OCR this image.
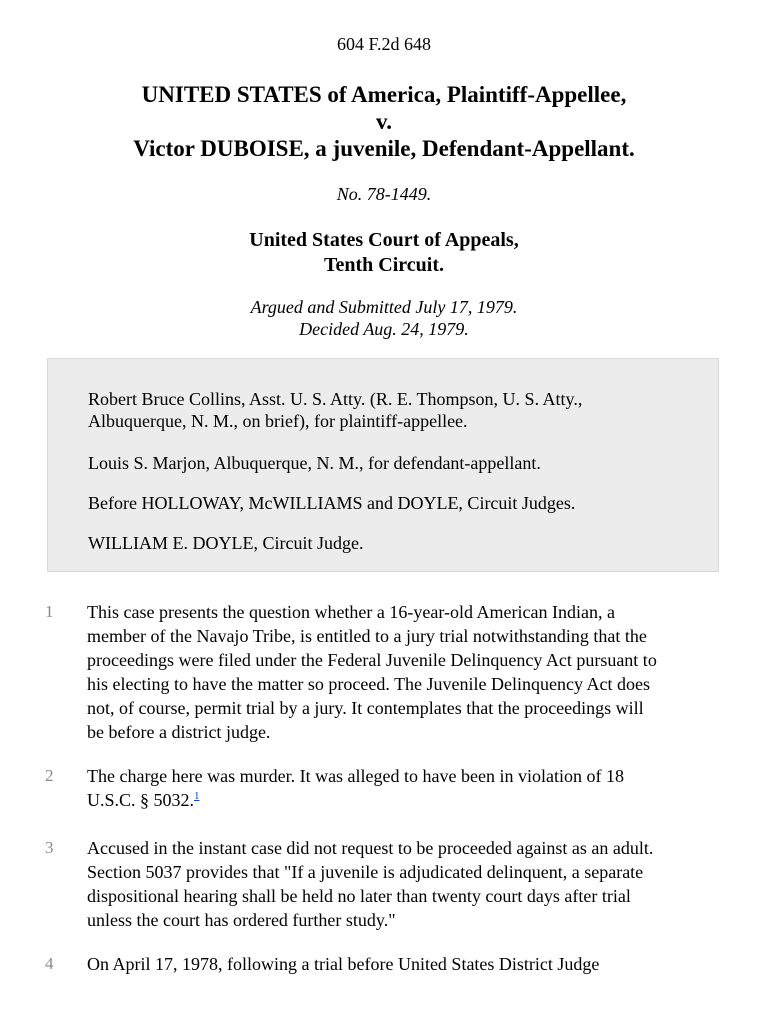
604 F.2d 648
UNITED STATES of America, Plaintiff-Appellee,
v.
Victor DUBOISE, a juvenile, Defendant-Appellant.
No. 78-1449.
United States Court of Appeals,
Tenth Circuit.
Argued and Submitted July 17, 1979.
Decided Aug. 24, 1979.

Robert Bruce Collins, Asst. U. S. Atty. (R. E. Thompson, U. S. Atty.,
Albuquerque, N. M., on brief), for plaintiff-appellee.

Louis S. Marjon, Albuquerque, N. M., for defendant-appellant.

Before HOLLOWAY, McWILLIAMS and DOYLE, Circuit Judges.

WILLIAM E. DOYLE, Circuit Judge.

1	This case presents the question whether a 16-year-old American Indian, a
member of the Navajo Tribe, is entitled to a jury trial notwithstanding that the
proceedings were filed under the Federal Juvenile Delinquency Act pursuant to
his electing to have the matter so proceed. The Juvenile Delinquency Act does
not, of course, permit trial by a jury. It contemplates that the proceedings will
be before a district judge.
2	The charge here was murder. It was alleged to have been in violation of 18
U.S.C. § 5032.$^1$
3	Accused in the instant case did not request to be proceeded against as an adult.
Section 5037 provides that "If a juvenile is adjudicated delinquent, a separate
dispositional hearing shall be held no later than twenty court days after trial
unless the court has ordered further study."
4	On April 17, 1978, following a trial before United States District Judge
